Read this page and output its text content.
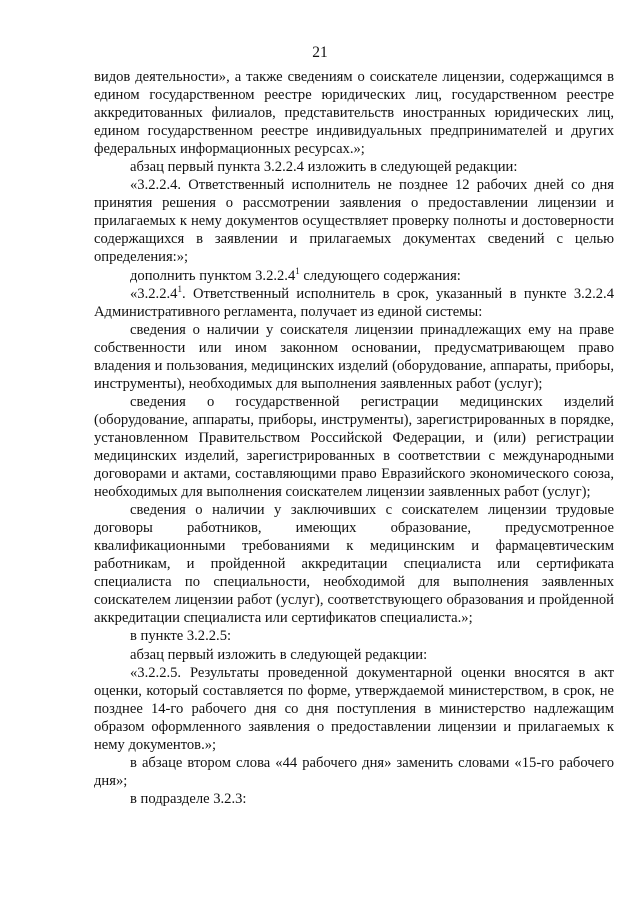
21

видов деятельности», а также сведениям о соискателе лицензии, содержащимся в едином государственном реестре юридических лиц, государственном реестре аккредитованных филиалов, представительств иностранных юридических лиц, едином государственном реестре индивидуальных предпринимателей и других федеральных информационных ресурсах.»;

абзац первый пункта 3.2.2.4 изложить в следующей редакции:

«3.2.2.4. Ответственный исполнитель не позднее 12 рабочих дней со дня принятия решения о рассмотрении заявления о предоставлении лицензии и прилагаемых к нему документов осуществляет проверку полноты и достоверности содержащихся в заявлении и прилагаемых документах сведений с целью определения:»;

дополнить пунктом 3.2.2.4$^1$ следующего содержания:

«3.2.2.4$^1$. Ответственный исполнитель в срок, указанный в пункте 3.2.2.4 Административного регламента, получает из единой системы:

сведения о наличии у соискателя лицензии принадлежащих ему на праве собственности или ином законном основании, предусматривающем право владения и пользования, медицинских изделий (оборудование, аппараты, приборы, инструменты), необходимых для выполнения заявленных работ (услуг);

сведения о государственной регистрации медицинских изделий (оборудование, аппараты, приборы, инструменты), зарегистрированных в порядке, установленном Правительством Российской Федерации, и (или) регистрации медицинских изделий, зарегистрированных в соответствии с международными договорами и актами, составляющими право Евразийского экономического союза, необходимых для выполнения соискателем лицензии заявленных работ (услуг);

сведения о наличии у заключивших с соискателем лицензии трудовые договоры работников, имеющих образование, предусмотренное квалификационными требованиями к медицинским и фармацевтическим работникам, и пройденной аккредитации специалиста или сертификата специалиста по специальности, необходимой для выполнения заявленных соискателем лицензии работ (услуг), соответствующего образования и пройденной аккредитации специалиста или сертификатов специалиста.»;

в пункте 3.2.2.5:

абзац первый изложить в следующей редакции:

«3.2.2.5. Результаты проведенной документарной оценки вносятся в акт оценки, который составляется по форме, утверждаемой министерством, в срок, не позднее 14-го рабочего дня со дня поступления в министерство надлежащим образом оформленного заявления о предоставлении лицензии и прилагаемых к нему документов.»;

в абзаце втором слова «44 рабочего дня» заменить словами «15-го рабочего дня»;

в подразделе 3.2.3:
